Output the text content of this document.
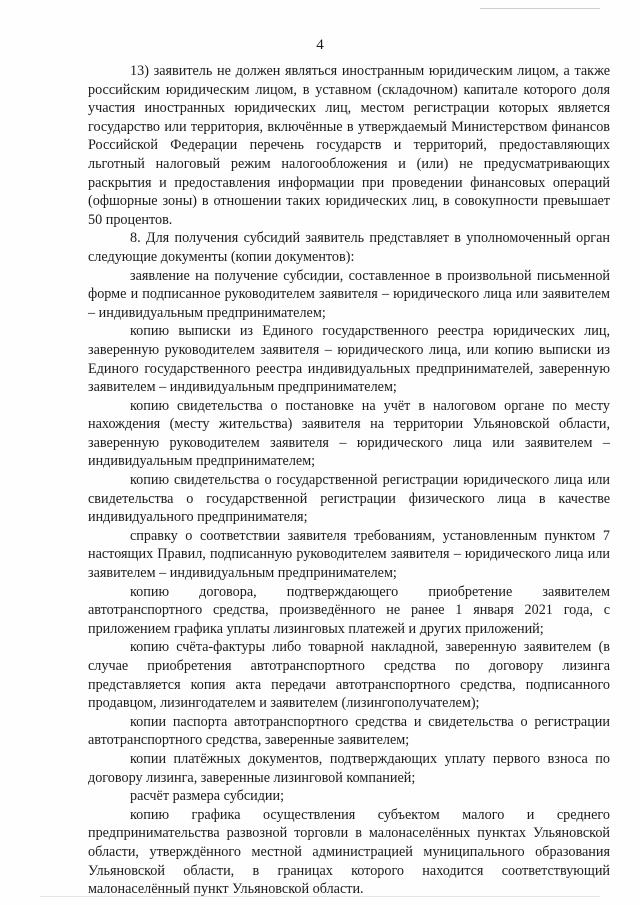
4

13) заявитель не должен являться иностранным юридическим лицом, а также российским юридическим лицом, в уставном (складочном) капитале которого доля участия иностранных юридических лиц, местом регистрации которых является государство или территория, включённые в утверждаемый Министерством финансов Российской Федерации перечень государств и территорий, предоставляющих льготный налоговый режим налогообложения и (или) не предусматривающих раскрытия и предоставления информации при проведении финансовых операций (офшорные зоны) в отношении таких юридических лиц, в совокупности превышает 50 процентов.

8. Для получения субсидий заявитель представляет в уполномоченный орган следующие документы (копии документов):

заявление на получение субсидии, составленное в произвольной письменной форме и подписанное руководителем заявителя – юридического лица или заявителем – индивидуальным предпринимателем;

копию выписки из Единого государственного реестра юридических лиц, заверенную руководителем заявителя – юридического лица, или копию выписки из Единого государственного реестра индивидуальных предпринимателей, заверенную заявителем – индивидуальным предпринимателем;

копию свидетельства о постановке на учёт в налоговом органе по месту нахождения (месту жительства) заявителя на территории Ульяновской области, заверенную руководителем заявителя – юридического лица или заявителем – индивидуальным предпринимателем;

копию свидетельства о государственной регистрации юридического лица или свидетельства о государственной регистрации физического лица в качестве индивидуального предпринимателя;

справку о соответствии заявителя требованиям, установленным пунктом 7 настоящих Правил, подписанную руководителем заявителя – юридического лица или заявителем – индивидуальным предпринимателем;

копию договора, подтверждающего приобретение заявителем автотранспортного средства, произведённого не ранее 1 января 2021 года, с приложением графика уплаты лизинговых платежей и других приложений;

копию счёта-фактуры либо товарной накладной, заверенную заявителем (в случае приобретения автотранспортного средства по договору лизинга представляется копия акта передачи автотранспортного средства, подписанного продавцом, лизингодателем и заявителем (лизингополучателем);

копии паспорта автотранспортного средства и свидетельства о регистрации автотранспортного средства, заверенные заявителем;

копии платёжных документов, подтверждающих уплату первого взноса по договору лизинга, заверенные лизинговой компанией;

расчёт размера субсидии;

копию графика осуществления субъектом малого и среднего предпринимательства развозной торговли в малонаселённых пунктах Ульяновской области, утверждённого местной администрацией муниципального образования Ульяновской области, в границах которого находится соответствующий малонаселённый пункт Ульяновской области.
